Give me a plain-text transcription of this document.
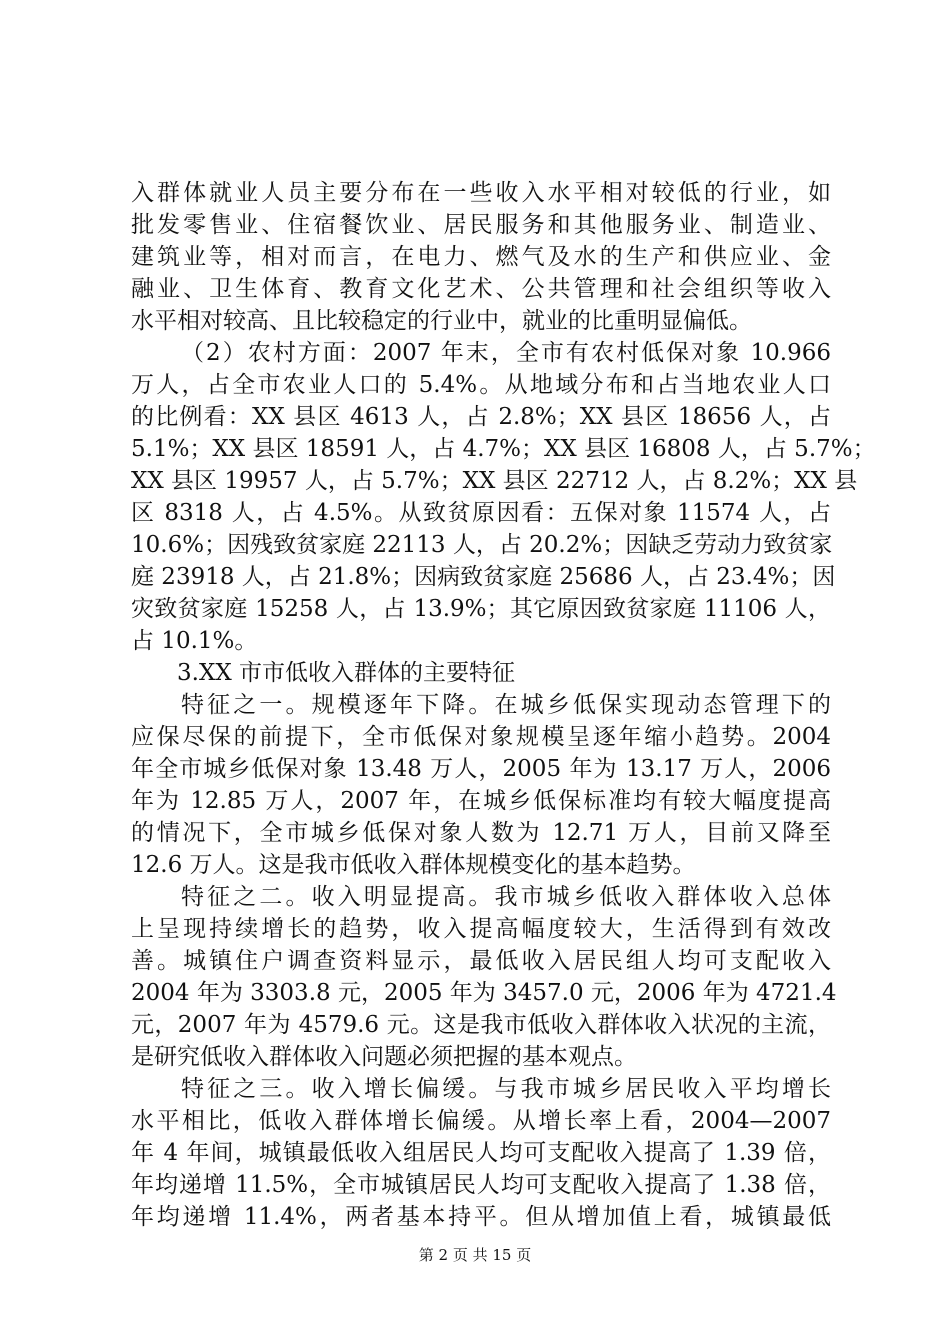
入群体就业人员主要分布在一些收入水平相对较低的行业，如
批发零售业、住宿餐饮业、居民服务和其他服务业、制造业、
建筑业等，相对而言，在电力、燃气及水的生产和供应业、金
融业、卫生体育、教育文化艺术、公共管理和社会组织等收入
水平相对较高、且比较稳定的行业中，就业的比重明显偏低。
（2）农村方面：2007 年末，全市有农村低保对象 10.966
万人，占全市农业人口的 5.4%。从地域分布和占当地农业人口
的比例看：XX 县区 4613 人，占 2.8%；XX 县区 18656 人，占
5.1%；XX 县区 18591 人，占 4.7%；XX 县区 16808 人，占 5.7%；
XX 县区 19957 人，占 5.7%；XX 县区 22712 人，占 8.2%；XX 县
区 8318 人，占 4.5%。从致贫原因看：五保对象 11574 人，占
10.6%；因残致贫家庭 22113 人，占 20.2%；因缺乏劳动力致贫家
庭 23918 人，占 21.8%；因病致贫家庭 25686 人，占 23.4%；因
灾致贫家庭 15258 人，占 13.9%；其它原因致贫家庭 11106 人，
占 10.1%。
3.XX 市市低收入群体的主要特征
特征之一。规模逐年下降。在城乡低保实现动态管理下的
应保尽保的前提下，全市低保对象规模呈逐年缩小趋势。2004
年全市城乡低保对象 13.48 万人，2005 年为 13.17 万人，2006
年为 12.85 万人，2007 年，在城乡低保标准均有较大幅度提高
的情况下，全市城乡低保对象人数为 12.71 万人，目前又降至
12.6 万人。这是我市低收入群体规模变化的基本趋势。
特征之二。收入明显提高。我市城乡低收入群体收入总体
上呈现持续增长的趋势，收入提高幅度较大，生活得到有效改
善。城镇住户调查资料显示，最低收入居民组人均可支配收入
2004 年为 3303.8 元，2005 年为 3457.0 元，2006 年为 4721.4
元，2007 年为 4579.6 元。这是我市低收入群体收入状况的主流，
是研究低收入群体收入问题必须把握的基本观点。
特征之三。收入增长偏缓。与我市城乡居民收入平均增长
水平相比，低收入群体增长偏缓。从增长率上看，2004—2007
年 4 年间，城镇最低收入组居民人均可支配收入提高了 1.39 倍，
年均递增 11.5%，全市城镇居民人均可支配收入提高了 1.38 倍，
年均递增 11.4%，两者基本持平。但从增加值上看，城镇最低
第 2 页 共 15 页
